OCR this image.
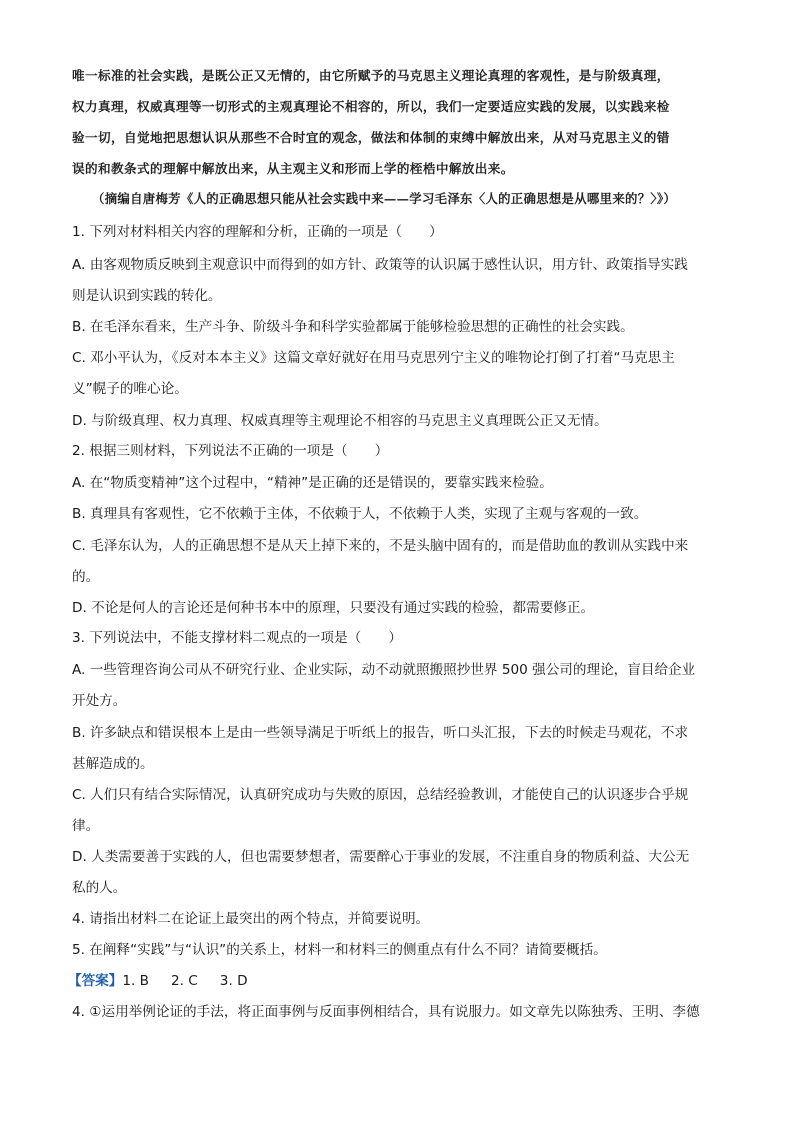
唯一标准的社会实践，是既公正又无情的，由它所赋予的马克思主义理论真理的客观性，是与阶级真理，
权力真理，权威真理等一切形式的主观真理论不相容的，所以，我们一定要适应实践的发展，以实践来检
验一切，自觉地把思想认识从那些不合时宜的观念，做法和体制的束缚中解放出来，从对马克思主义的错
误的和教条式的理解中解放出来，从主观主义和形而上学的桎梏中解放出来。
（摘编自唐梅芳《人的正确思想只能从社会实践中来——学习毛泽东〈人的正确思想是从哪里来的？〉》）
1. 下列对材料相关内容的理解和分析，正确的一项是（　　）
A. 由客观物质反映到主观意识中而得到的如方针、政策等的认识属于感性认识，用方针、政策指导实践
则是认识到实践的转化。
B. 在毛泽东看来，生产斗争、阶级斗争和科学实验都属于能够检验思想的正确性的社会实践。
C. 邓小平认为，《反对本本主义》这篇文章好就好在用马克思列宁主义的唯物论打倒了打着“马克思主
义”幌子的唯心论。
D. 与阶级真理、权力真理、权威真理等主观理论不相容的马克思主义真理既公正又无情。
2. 根据三则材料，下列说法不正确的一项是（　　）
A. 在“物质变精神”这个过程中，“精神”是正确的还是错误的，要靠实践来检验。
B. 真理具有客观性，它不依赖于主体，不依赖于人，不依赖于人类，实现了主观与客观的一致。
C. 毛泽东认为，人的正确思想不是从天上掉下来的，不是头脑中固有的，而是借助血的教训从实践中来
的。
D. 不论是何人的言论还是何种书本中的原理，只要没有通过实践的检验，都需要修正。
3. 下列说法中，不能支撑材料二观点的一项是（　　）
A. 一些管理咨询公司从不研究行业、企业实际，动不动就照搬照抄世界 500 强公司的理论，盲目给企业
开处方。
B. 许多缺点和错误根本上是由一些领导满足于听纸上的报告，听口头汇报，下去的时候走马观花，不求
甚解造成的。
C. 人们只有结合实际情况，认真研究成功与失败的原因，总结经验教训，才能使自己的认识逐步合乎规
律。
D. 人类需要善于实践的人，但也需要梦想者，需要醉心于事业的发展，不注重自身的物质利益、大公无
私的人。
4. 请指出材料二在论证上最突出的两个特点，并简要说明。
5. 在阐释“实践”与“认识”的关系上，材料一和材料三的侧重点有什么不同？请简要概括。
【答案】1. B 2. C 3. D
4. ①运用举例论证的手法，将正面事例与反面事例相结合，具有说服力。如文章先以陈独秀、王明、李德
